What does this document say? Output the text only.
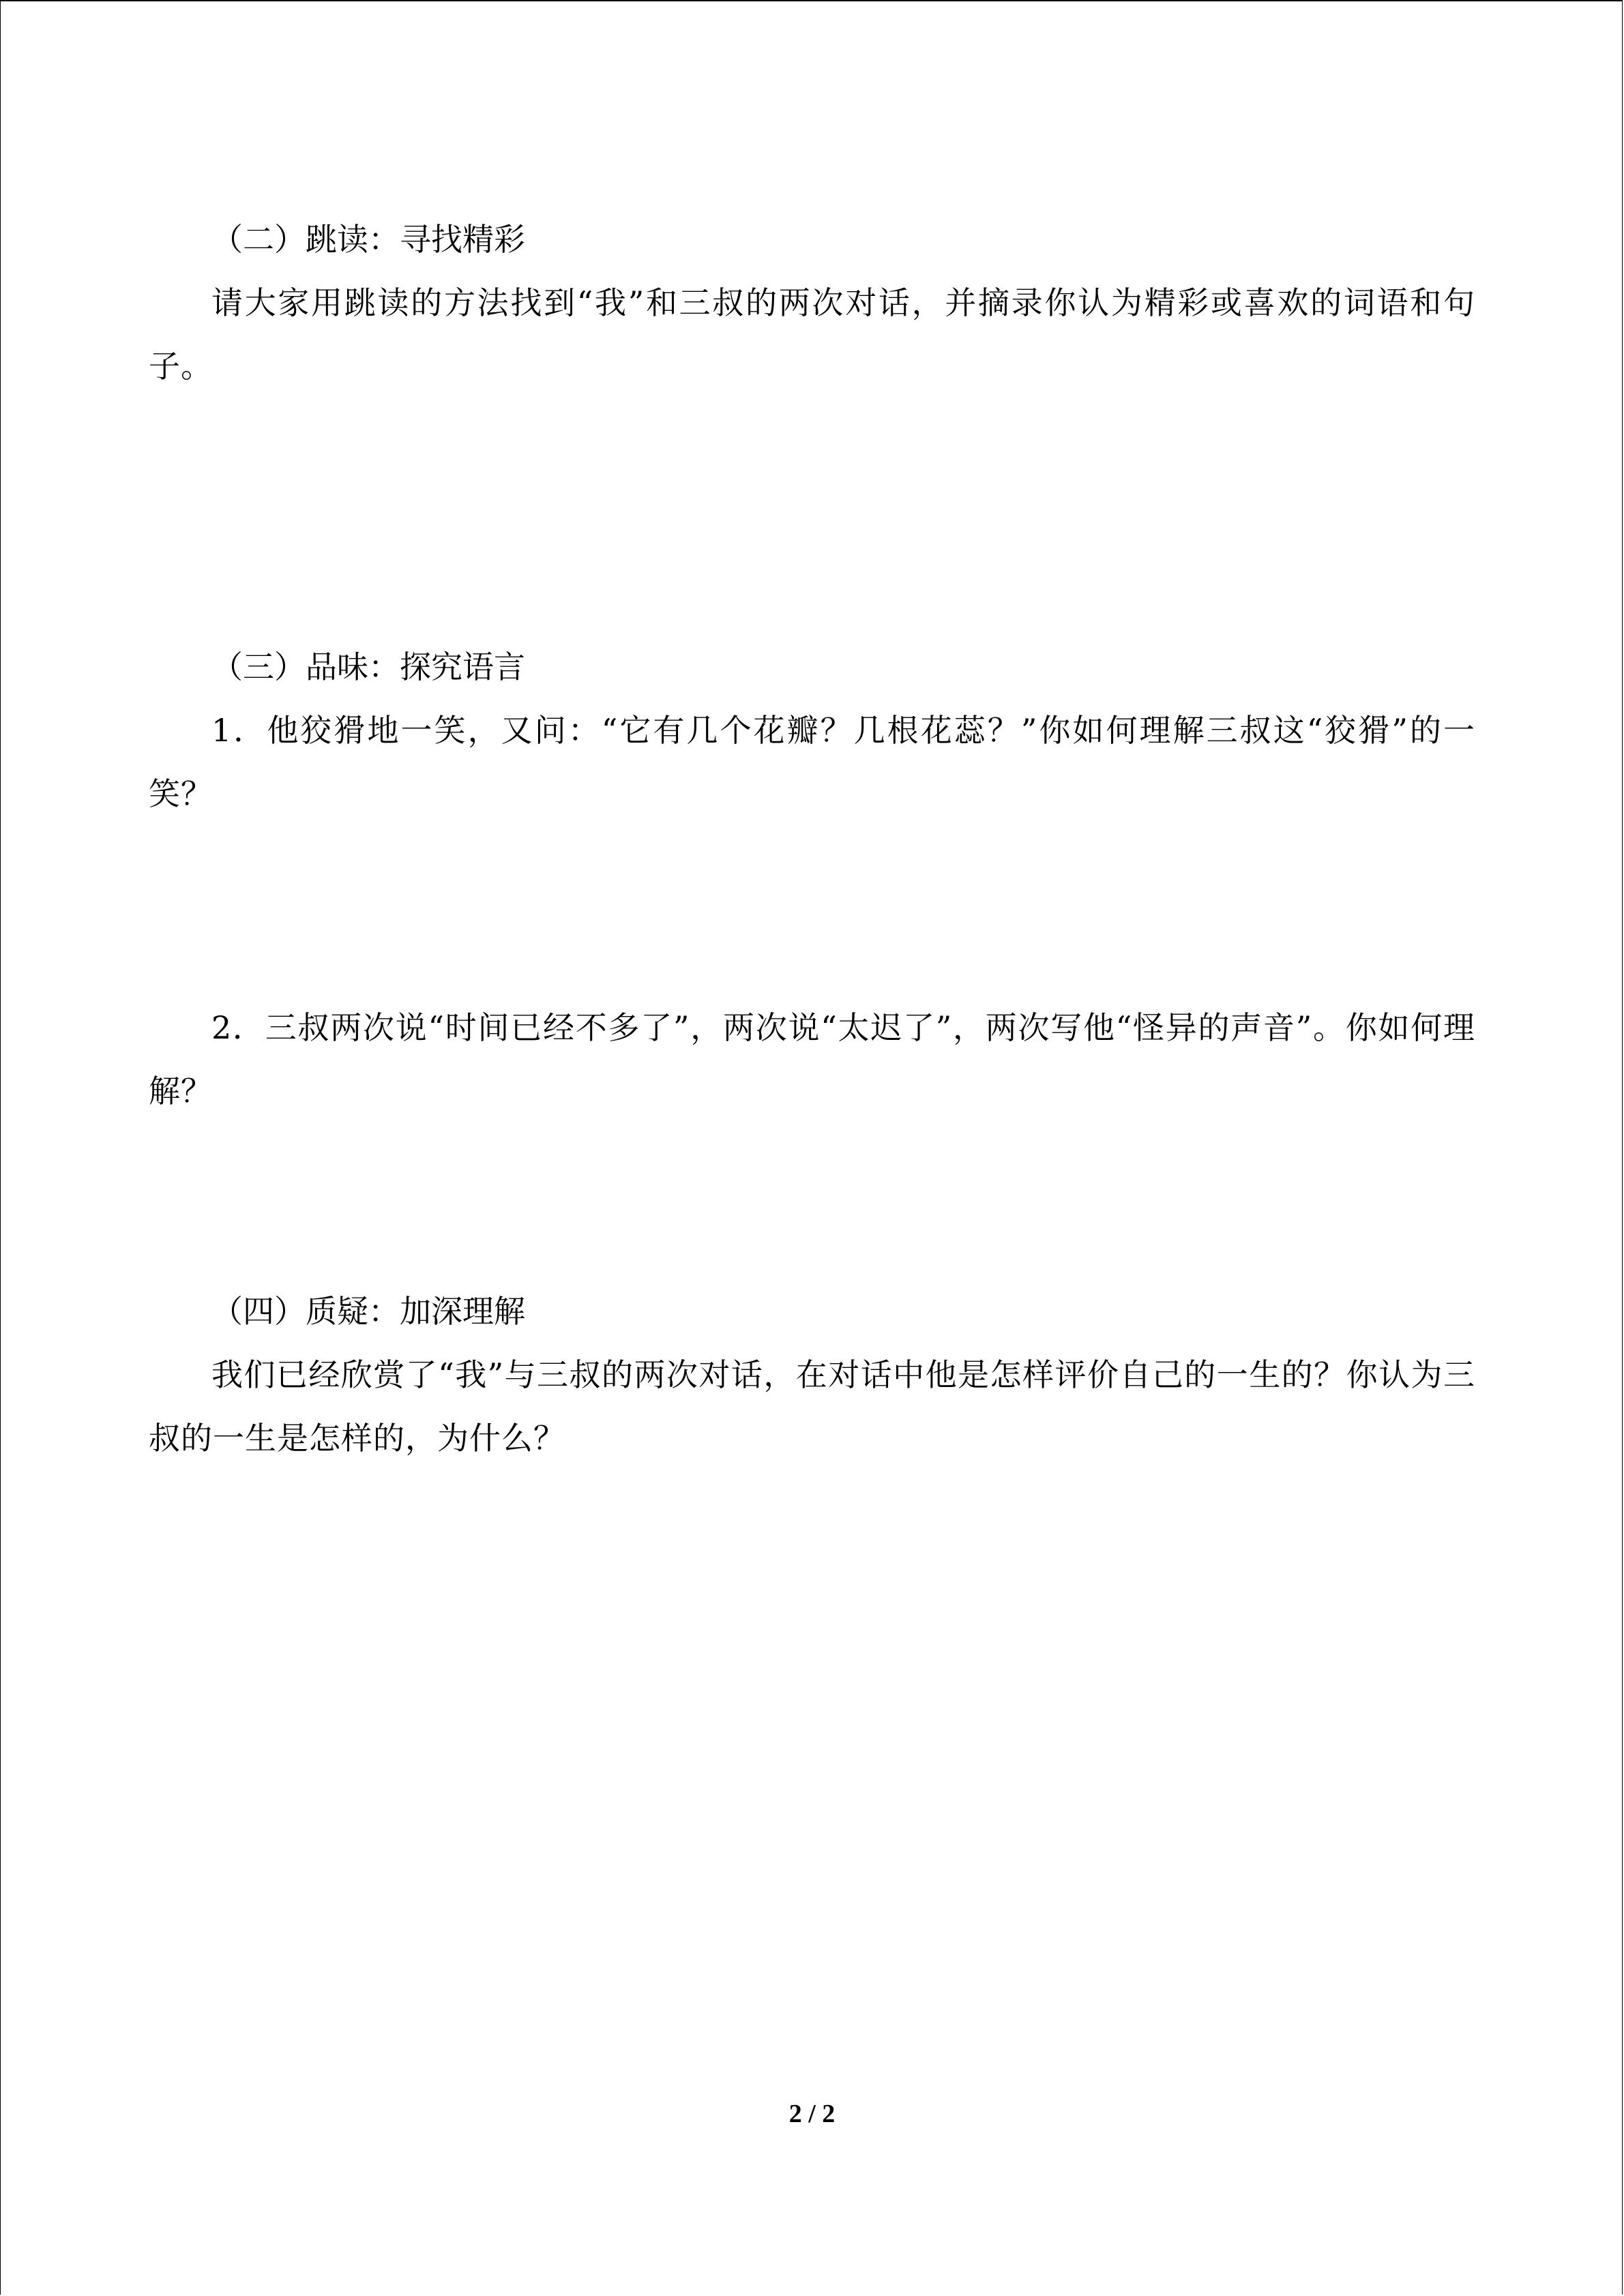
（二）跳读：寻找精彩

请大家用跳读的方法找到“我”和三叔的两次对话，并摘录你认为精彩或喜欢的词语和句子。

（三）品味：探究语言

1．他狡猾地一笑，又问：“它有几个花瓣？几根花蕊？”你如何理解三叔这“狡猾”的一笑？

2．三叔两次说“时间已经不多了”，两次说“太迟了”，两次写他“怪异的声音”。你如何理解？

（四）质疑：加深理解

我们已经欣赏了“我”与三叔的两次对话，在对话中他是怎样评价自己的一生的？你认为三叔的一生是怎样的，为什么？

2 / 2
